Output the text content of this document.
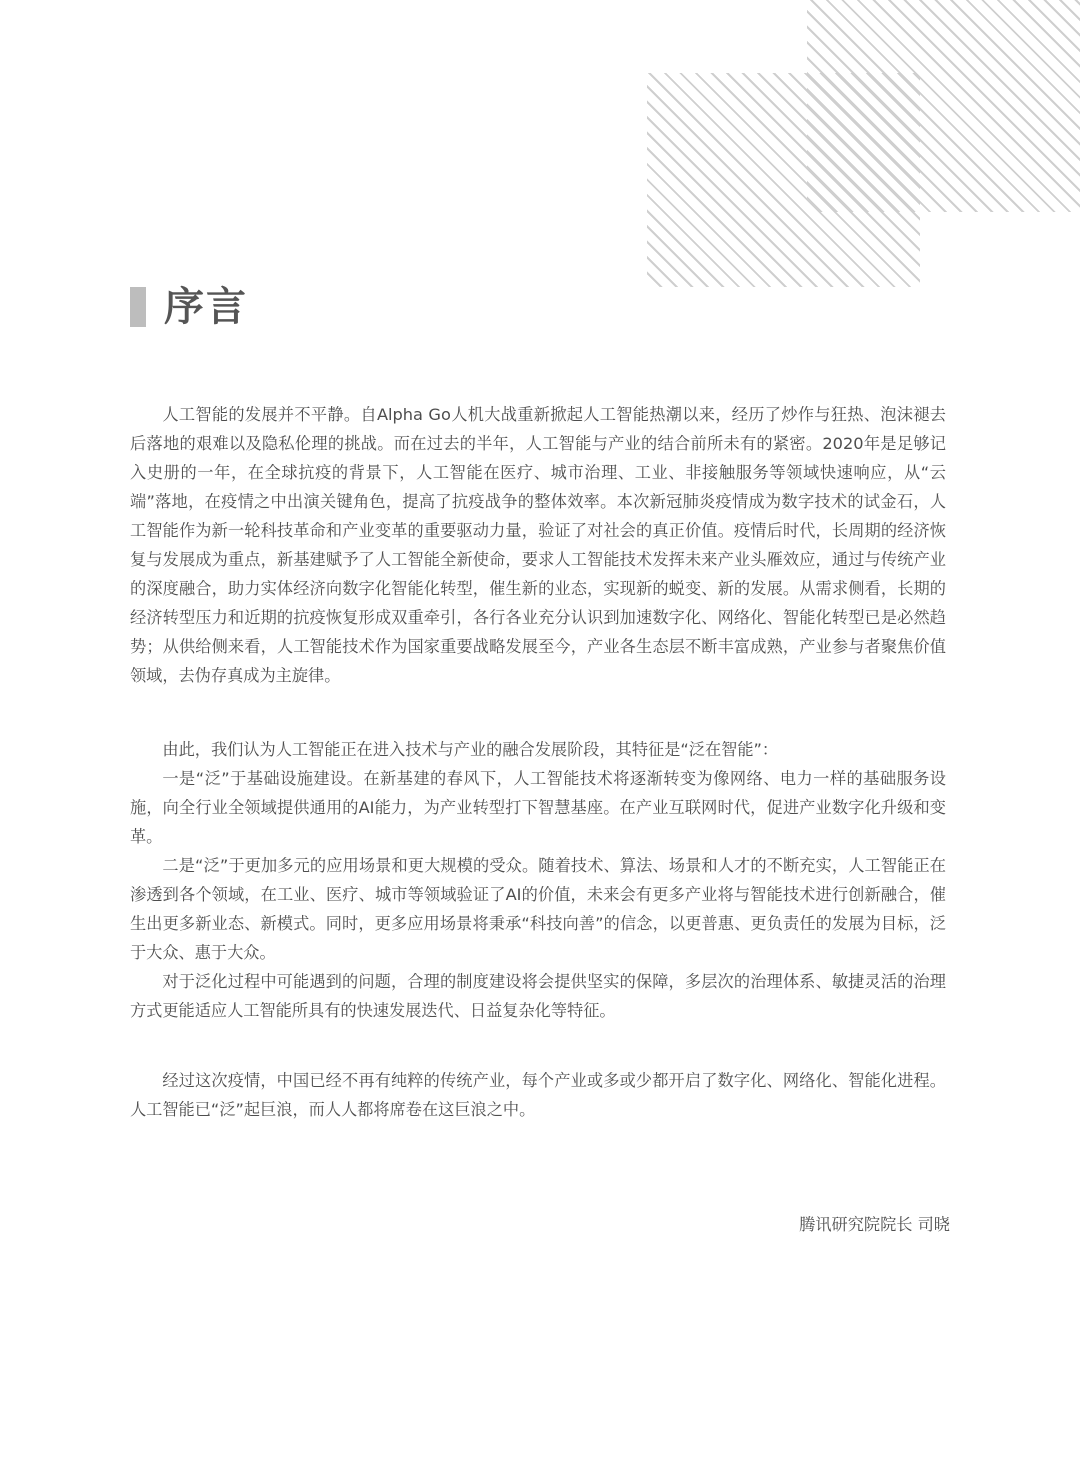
序言

人工智能的发展并不平静。自Alpha Go人机大战重新掀起人工智能热潮以来，经历了炒作与狂热、泡沫褪去后落地的艰难以及隐私伦理的挑战。而在过去的半年，人工智能与产业的结合前所未有的紧密。2020年是足够记入史册的一年，在全球抗疫的背景下，人工智能在医疗、城市治理、工业、非接触服务等领域快速响应，从“云端”落地，在疫情之中出演关键角色，提高了抗疫战争的整体效率。本次新冠肺炎疫情成为数字技术的试金石，人工智能作为新一轮科技革命和产业变革的重要驱动力量，验证了对社会的真正价值。疫情后时代，长周期的经济恢复与发展成为重点，新基建赋予了人工智能全新使命，要求人工智能技术发挥未来产业头雁效应，通过与传统产业的深度融合，助力实体经济向数字化智能化转型，催生新的业态，实现新的蜕变、新的发展。从需求侧看，长期的经济转型压力和近期的抗疫恢复形成双重牵引，各行各业充分认识到加速数字化、网络化、智能化转型已是必然趋势；从供给侧来看，人工智能技术作为国家重要战略发展至今，产业各生态层不断丰富成熟，产业参与者聚焦价值领域，去伪存真成为主旋律。

由此，我们认为人工智能正在进入技术与产业的融合发展阶段，其特征是“泛在智能”：

一是“泛”于基础设施建设。在新基建的春风下，人工智能技术将逐渐转变为像网络、电力一样的基础服务设施，向全行业全领域提供通用的AI能力，为产业转型打下智慧基座。在产业互联网时代，促进产业数字化升级和变革。

二是“泛”于更加多元的应用场景和更大规模的受众。随着技术、算法、场景和人才的不断充实，人工智能正在渗透到各个领域，在工业、医疗、城市等领域验证了AI的价值，未来会有更多产业将与智能技术进行创新融合，催生出更多新业态、新模式。同时，更多应用场景将秉承“科技向善”的信念，以更普惠、更负责任的发展为目标，泛于大众、惠于大众。

对于泛化过程中可能遇到的问题，合理的制度建设将会提供坚实的保障，多层次的治理体系、敏捷灵活的治理方式更能适应人工智能所具有的快速发展迭代、日益复杂化等特征。

经过这次疫情，中国已经不再有纯粹的传统产业，每个产业或多或少都开启了数字化、网络化、智能化进程。人工智能已“泛”起巨浪，而人人都将席卷在这巨浪之中。

腾讯研究院院长 司晓
